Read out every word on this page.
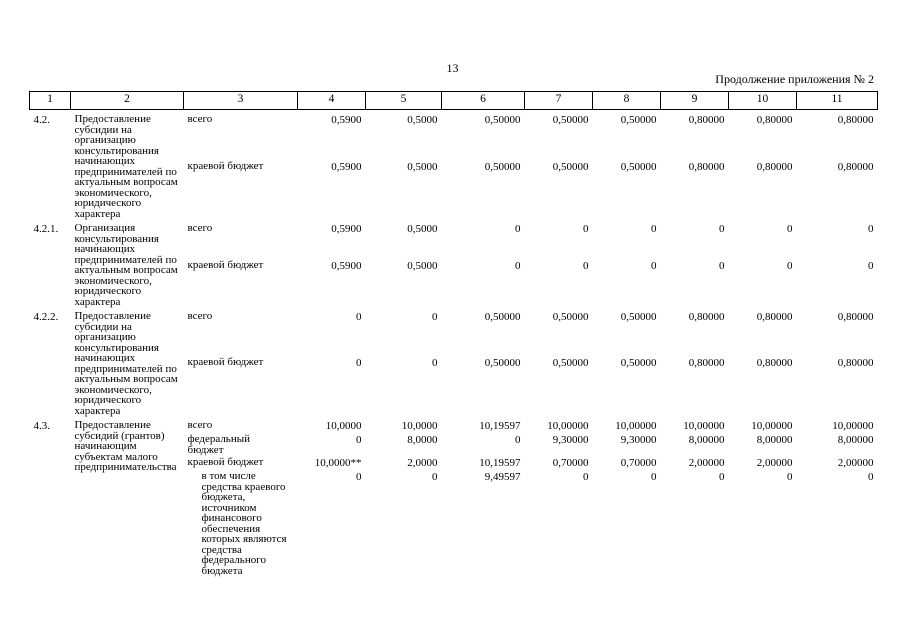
13
Продолжение приложения № 2
1	2	3	4	5	6	7	8	9	10	11
4.2.	Предоставление субсидии на организацию консультирования начинающих предпринимателей по актуальным вопросам экономического, юридического характера	всего	0,5900	0,5000	0,50000	0,50000	0,50000	0,80000	0,80000	0,80000
		краевой бюджет	0,5900	0,5000	0,50000	0,50000	0,50000	0,80000	0,80000	0,80000
4.2.1.	Организация консультирования начинающих предпринимателей по актуальным вопросам экономического, юридического характера	всего	0,5900	0,5000	0	0	0	0	0	0
		краевой бюджет	0,5900	0,5000	0	0	0	0	0	0
4.2.2.	Предоставление субсидии на организацию консультирования начинающих предпринимателей по актуальным вопросам экономического, юридического характера	всего	0	0	0,50000	0,50000	0,50000	0,80000	0,80000	0,80000
		краевой бюджет	0	0	0,50000	0,50000	0,50000	0,80000	0,80000	0,80000
4.3.	Предоставление субсидий (грантов) начинающим субъектам малого предпринимательства	всего	10,0000	10,0000	10,19597	10,00000	10,00000	10,00000	10,00000	10,00000
		федеральный бюджет	0	8,0000	0	9,30000	9,30000	8,00000	8,00000	8,00000
		краевой бюджет	10,0000**	2,0000	10,19597	0,70000	0,70000	2,00000	2,00000	2,00000
		в том числе средства краевого бюджета, источником финансового обеспечения которых являются средства федерального бюджета	0	0	9,49597	0	0	0	0	0
